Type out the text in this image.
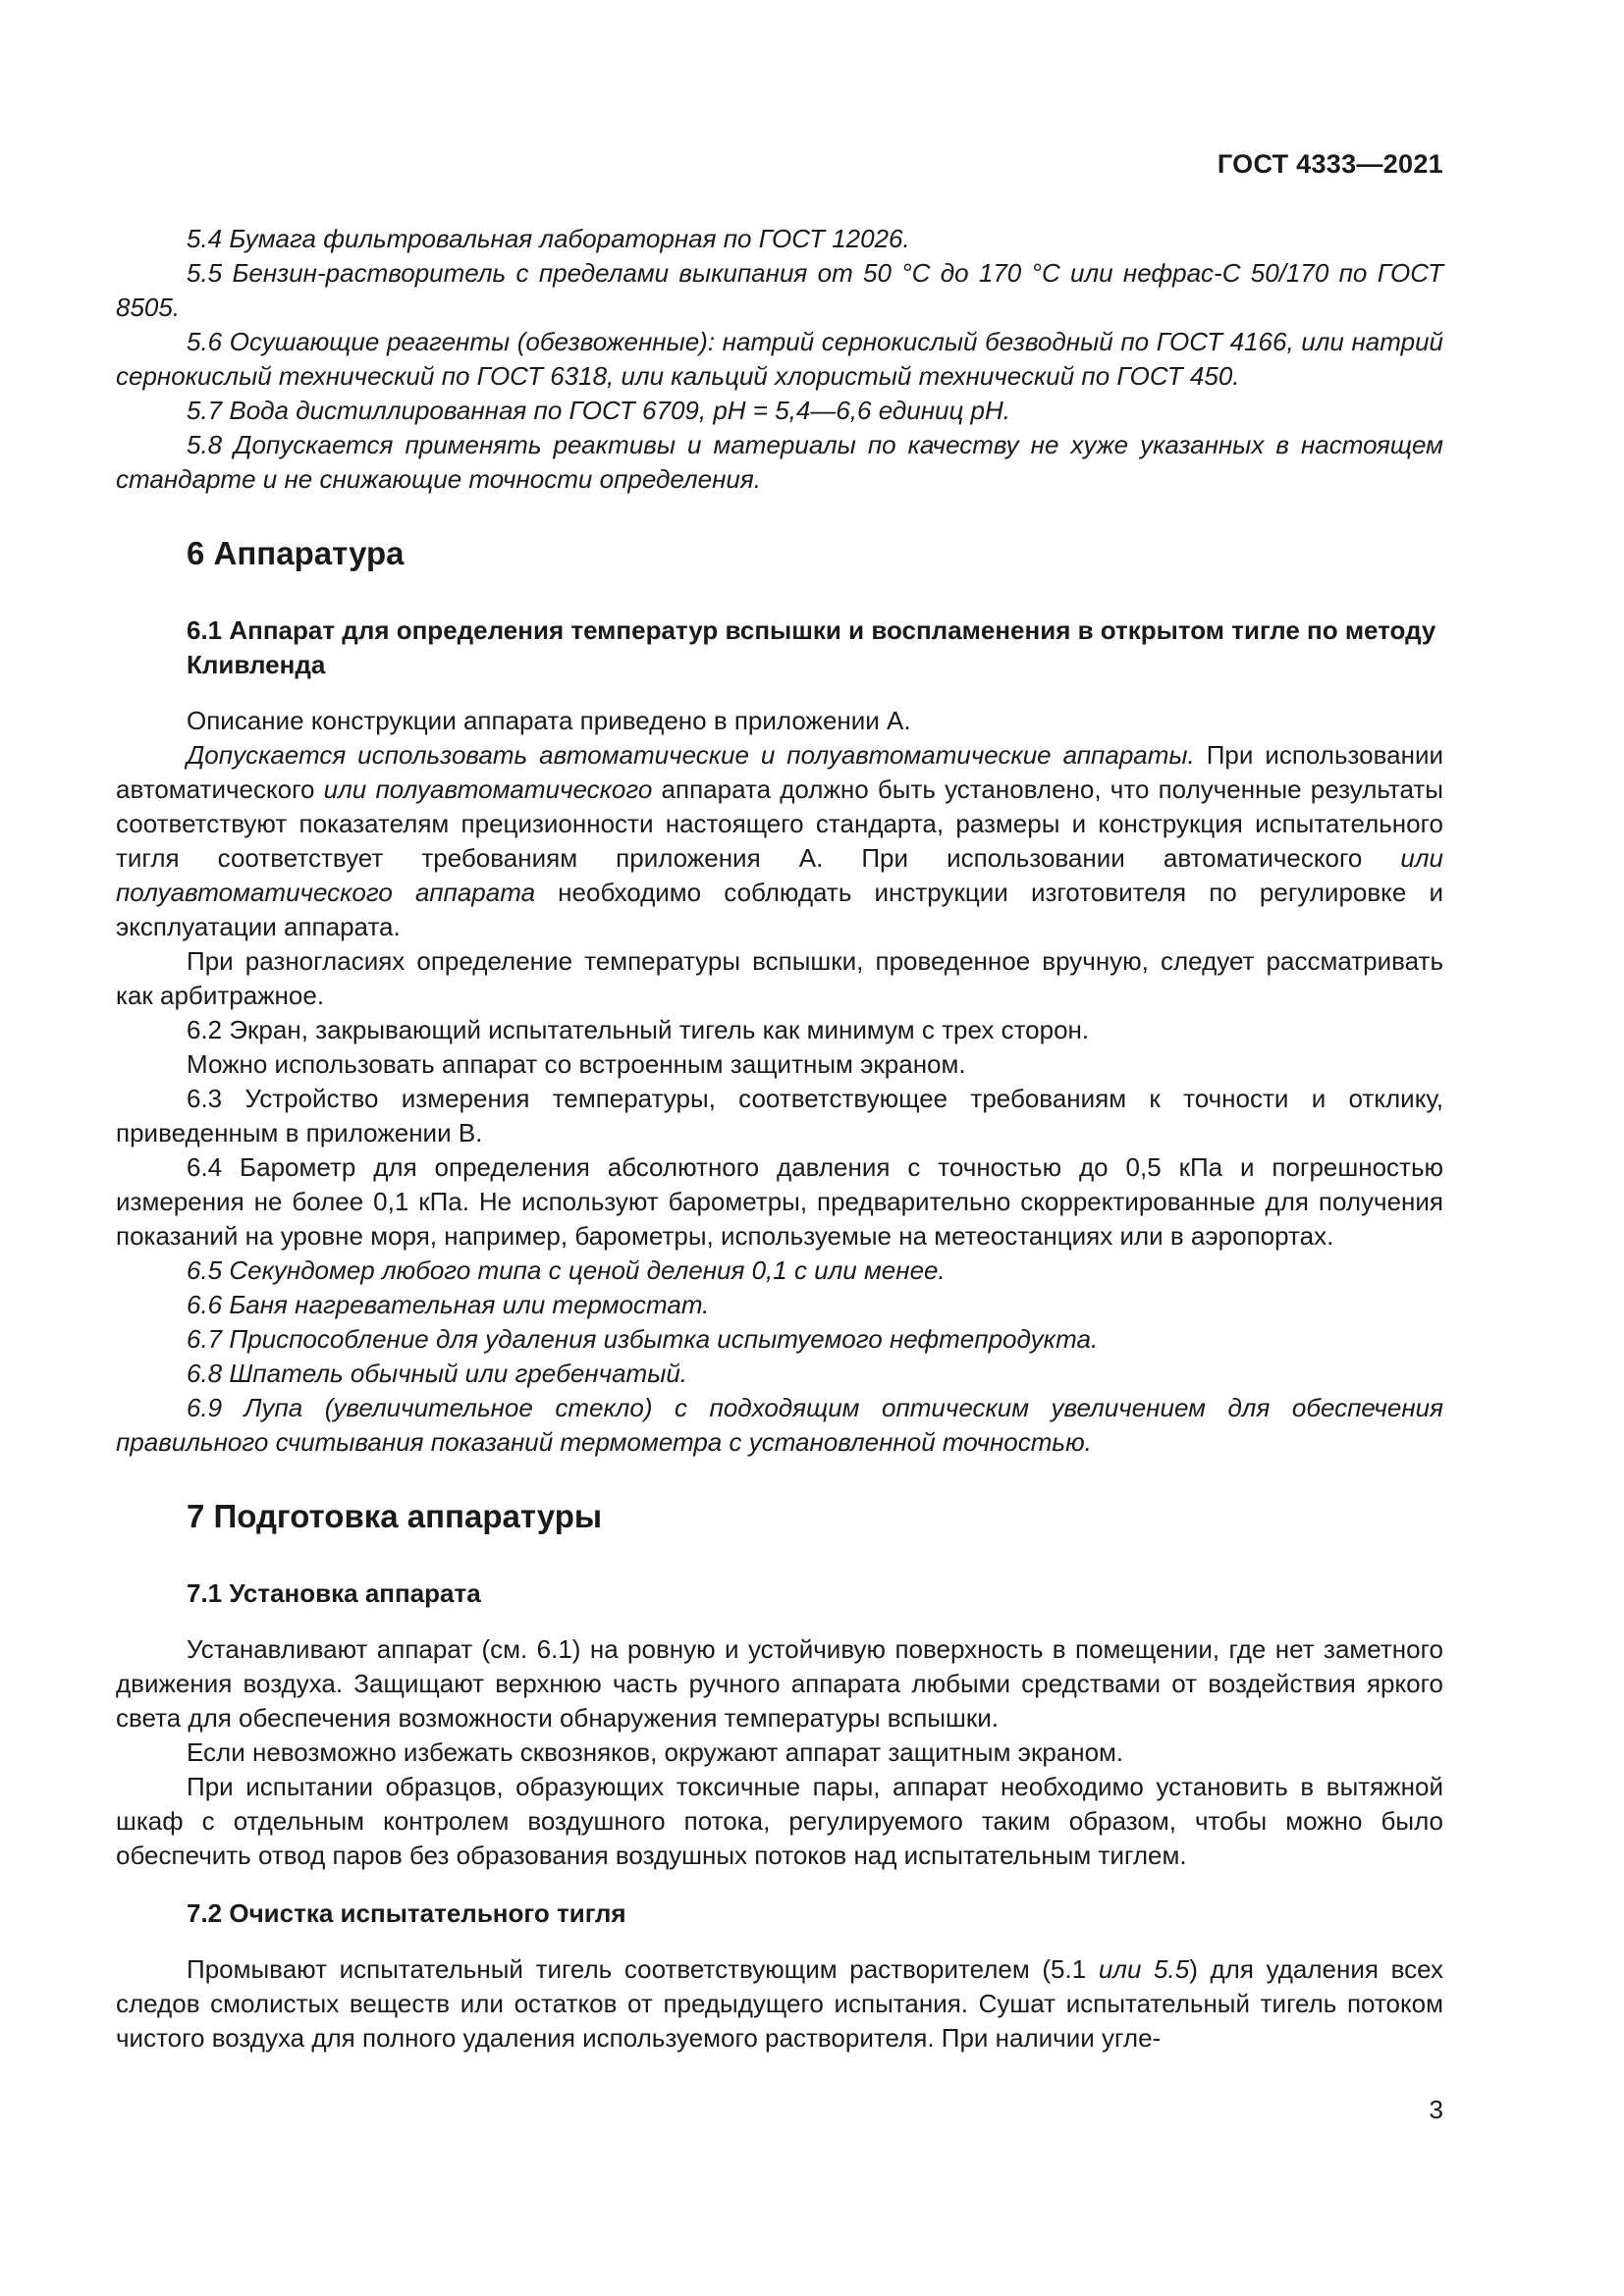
ГОСТ 4333—2021

5.4 Бумага фильтровальная лабораторная по ГОСТ 12026.

5.5 Бензин-растворитель с пределами выкипания от 50 °С до 170 °С или нефрас-С 50/170 по ГОСТ 8505.

5.6 Осушающие реагенты (обезвоженные): натрий сернокислый безводный по ГОСТ 4166, или натрий сернокислый технический по ГОСТ 6318, или кальций хлористый технический по ГОСТ 450.

5.7 Вода дистиллированная по ГОСТ 6709, рН = 5,4—6,6 единиц рН.

5.8 Допускается применять реактивы и материалы по качеству не хуже указанных в настоящем стандарте и не снижающие точности определения.

6 Аппаратура
6.1 Аппарат для определения температур вспышки и воспламенения в открытом тигле по методу Кливленда

Описание конструкции аппарата приведено в приложении А.

Допускается использовать автоматические и полуавтоматические аппараты. При использовании автоматического или полуавтоматического аппарата должно быть установлено, что полученные результаты соответствуют показателям прецизионности настоящего стандарта, размеры и конструкция испытательного тигля соответствует требованиям приложения А. При использовании автоматического или полуавтоматического аппарата необходимо соблюдать инструкции изготовителя по регулировке и эксплуатации аппарата.

При разногласиях определение температуры вспышки, проведенное вручную, следует рассматривать как арбитражное.

6.2 Экран, закрывающий испытательный тигель как минимум с трех сторон.

Можно использовать аппарат со встроенным защитным экраном.

6.3 Устройство измерения температуры, соответствующее требованиям к точности и отклику, приведенным в приложении В.

6.4 Барометр для определения абсолютного давления с точностью до 0,5 кПа и погрешностью измерения не более 0,1 кПа. Не используют барометры, предварительно скорректированные для получения показаний на уровне моря, например, барометры, используемые на метеостанциях или в аэропортах.

6.5 Секундомер любого типа с ценой деления 0,1 с или менее.

6.6 Баня нагревательная или термостат.

6.7 Приспособление для удаления избытка испытуемого нефтепродукта.

6.8 Шпатель обычный или гребенчатый.

6.9 Лупа (увеличительное стекло) с подходящим оптическим увеличением для обеспечения правильного считывания показаний термометра с установленной точностью.

7 Подготовка аппаратуры
7.1 Установка аппарата

Устанавливают аппарат (см. 6.1) на ровную и устойчивую поверхность в помещении, где нет заметного движения воздуха. Защищают верхнюю часть ручного аппарата любыми средствами от воздействия яркого света для обеспечения возможности обнаружения температуры вспышки.

Если невозможно избежать сквозняков, окружают аппарат защитным экраном.

При испытании образцов, образующих токсичные пары, аппарат необходимо установить в вытяжной шкаф с отдельным контролем воздушного потока, регулируемого таким образом, чтобы можно было обеспечить отвод паров без образования воздушных потоков над испытательным тиглем.

7.2 Очистка испытательного тигля

Промывают испытательный тигель соответствующим растворителем (5.1 или 5.5) для удаления всех следов смолистых веществ или остатков от предыдущего испытания. Сушат испытательный тигель потоком чистого воздуха для полного удаления используемого растворителя. При наличии угле-

3
